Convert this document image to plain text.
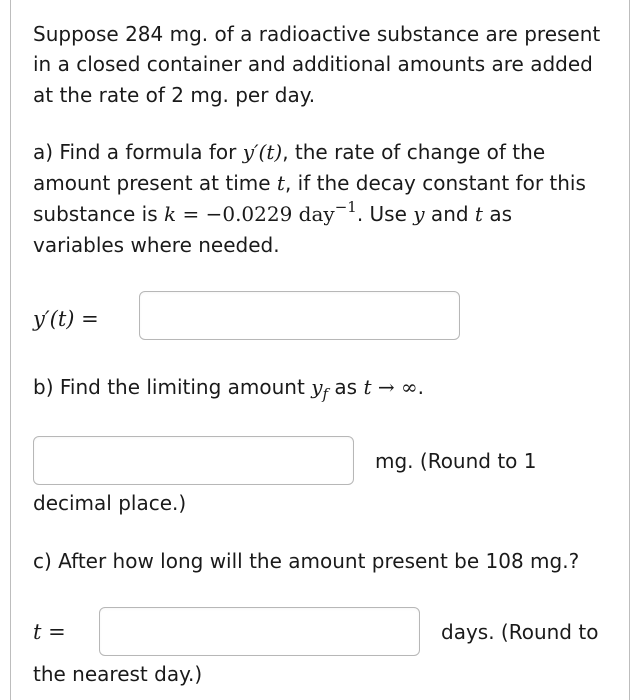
Suppose 284 mg. of a radioactive substance are present
in a closed container and additional amounts are added
at the rate of 2 mg. per day.
a) Find a formula for y′(t), the rate of change of the
amount present at time t, if the decay constant for this
substance is k = −0.0229 day$^{-1}$. Use y and t as
variables where needed.
y′(t) =
b) Find the limiting amount $y_f$ as t → ∞.
mg. (Round to 1
decimal place.)
c) After how long will the amount present be 108 mg.?
t =	days. (Round to
the nearest day.)
